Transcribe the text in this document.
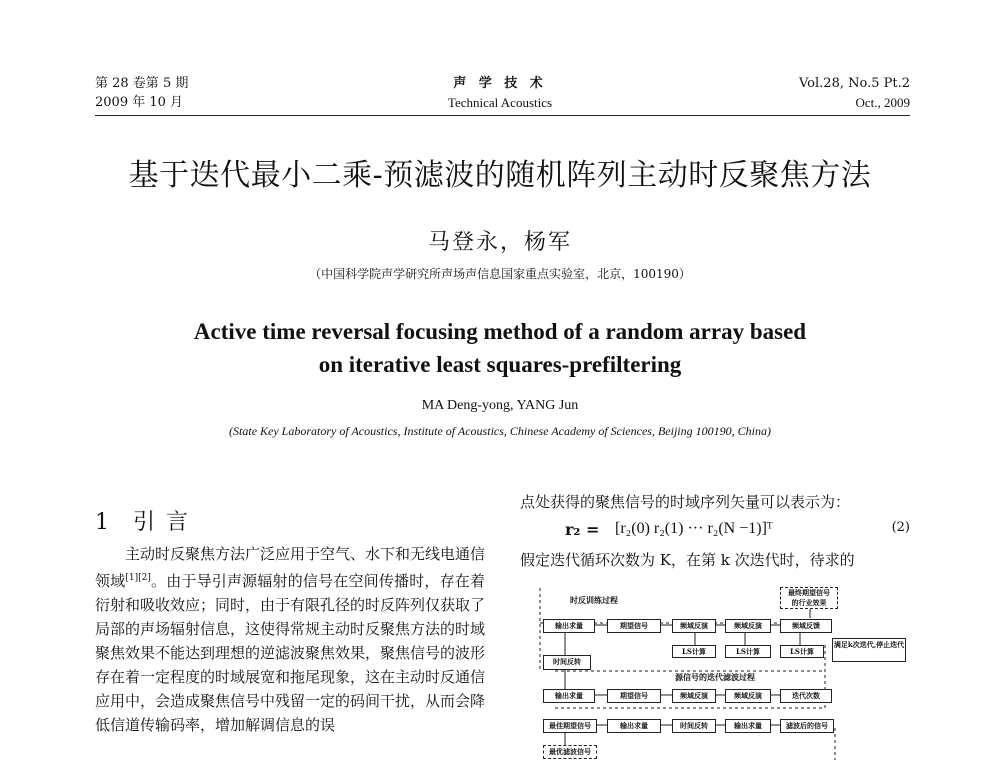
第 28 卷第 5 期
2009 年 10 月
声 学 技 术
Technical Acoustics
Vol.28, No.5 Pt.2
Oct., 2009
基于迭代最小二乘-预滤波的随机阵列主动时反聚焦方法
马登永，杨军
（中国科学院声学研究所声场声信息国家重点实验室，北京，100190）
Active time reversal focusing method of a random array based
on iterative least squares-prefiltering
MA Deng-yong, YANG Jun
(State Key Laboratory of Acoustics, Institute of Acoustics, Chinese Academy of Sciences, Beijing 100190, China)
1 引 言
主动时反聚焦方法广泛应用于空气、水下和无线电通信领域[1][2]。由于导引声源辐射的信号在空间传播时，存在着衍射和吸收效应；同时，由于有限孔径的时反阵列仅获取了局部的声场辐射信息，这使得常规主动时反聚焦方法的时域聚焦效果不能达到理想的逆滤波聚焦效果，聚焦信号的波形存在着一定程度的时域展宽和拖尾现象，这在主动时反通信应用中，会造成聚焦信号中残留一定的码间干扰，从而会降低信道传输码率，增加解调信息的误
点处获得的聚焦信号的时域序列矢量可以表示为：
r₂ = [r₂(0) r₂(1) ··· r₂(N −1)]ᵀ	(2)
假定迭代循环次数为 K，在第 k 次迭代时，待求的
时反训练过程
最终期望信号
的行业效果
输出求量	期望信号	频域反演	频域反演	频域反馈
LS计算	LS计算	LS计算
满足k次迭代,停止迭代
时间反转
源信号的迭代滤波过程
输出求量	期望信号	频域反演	频域反演	迭代次数
最佳期望信号	输出求量	时间反转	输出求量	滤波后的信号
最优滤波信号
